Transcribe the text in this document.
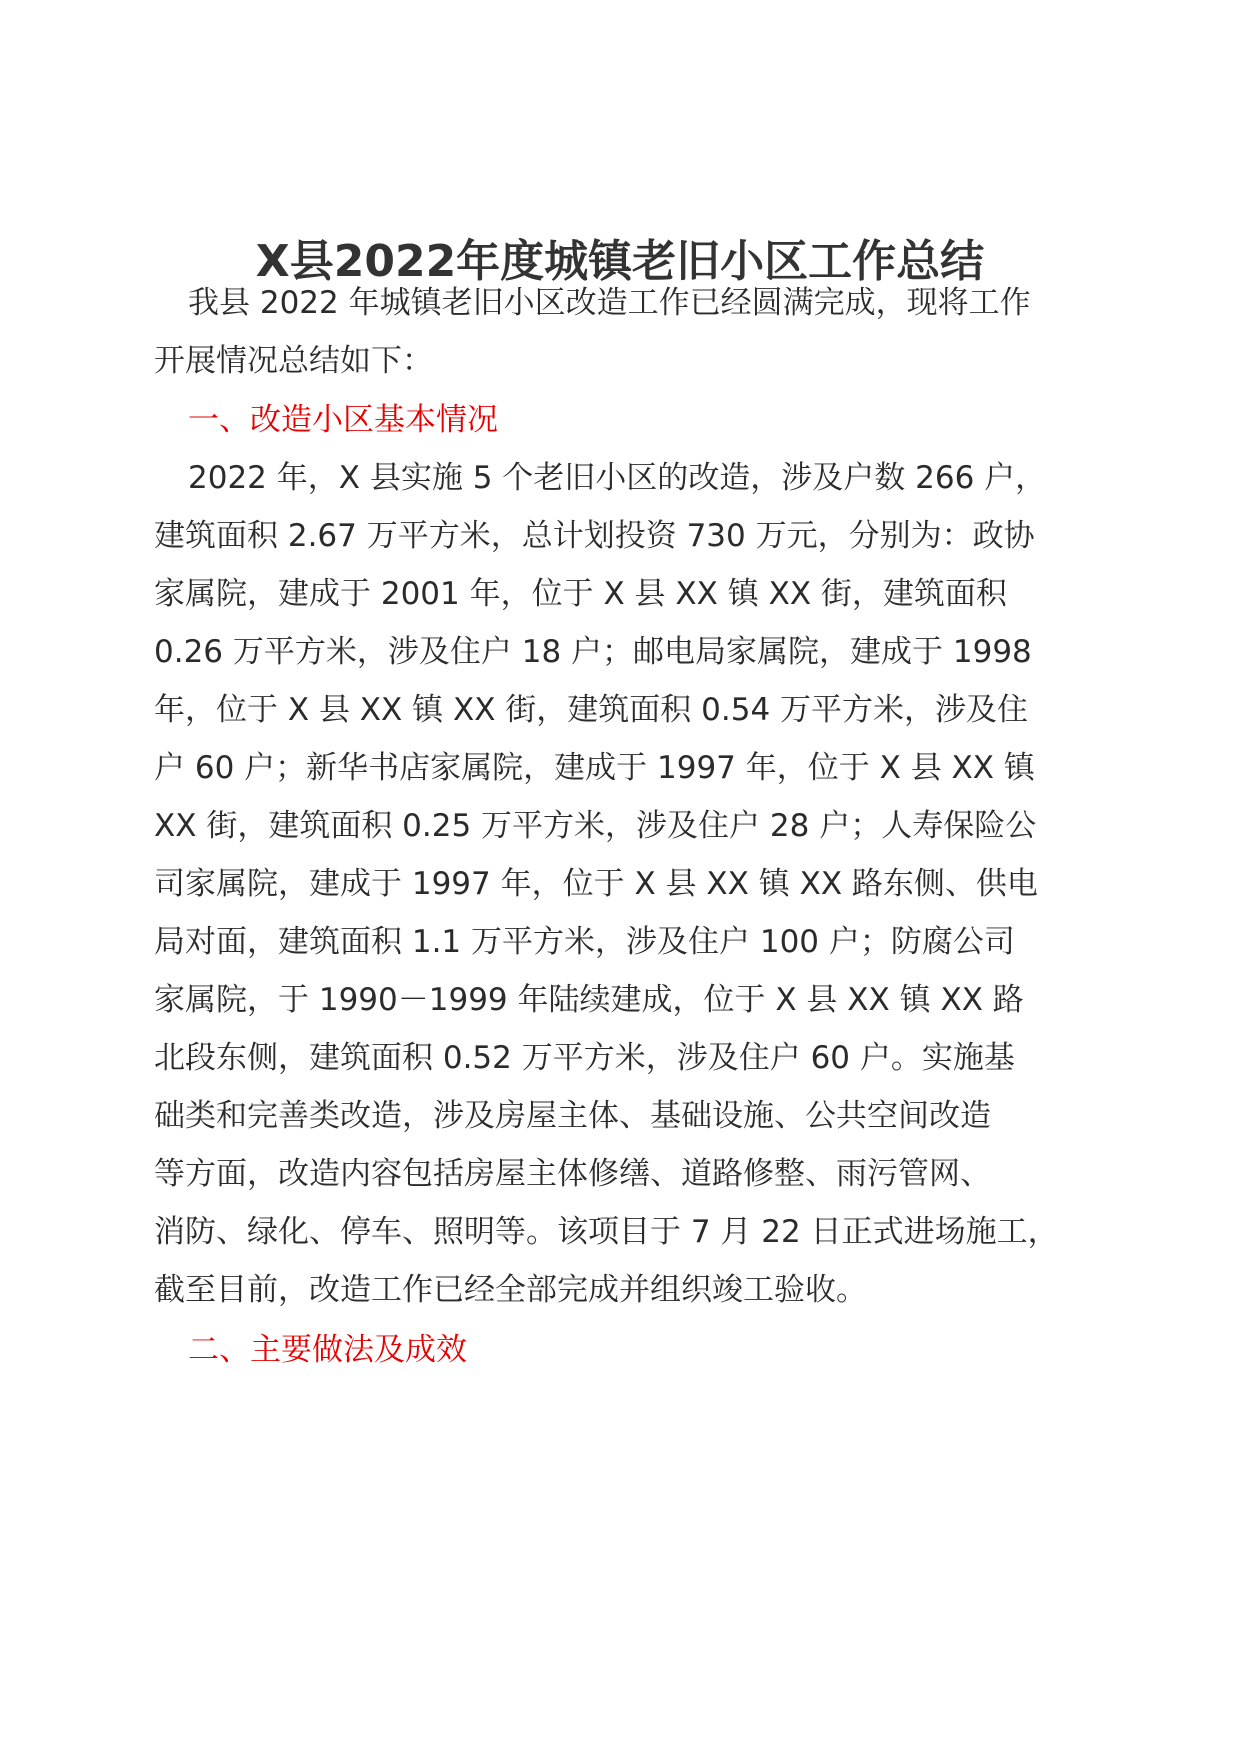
X县2022年度城镇老旧小区工作总结

我县 2022 年城镇老旧小区改造工作已经圆满完成，现将工作

开展情况总结如下：

一、改造小区基本情况

2022 年，X 县实施 5 个老旧小区的改造，涉及户数 266 户，

建筑面积 2.67 万平方米，总计划投资 730 万元，分别为：政协

家属院，建成于 2001 年，位于 X 县 XX 镇 XX 街，建筑面积

0.26 万平方米，涉及住户 18 户；邮电局家属院，建成于 1998

年，位于 X 县 XX 镇 XX 街，建筑面积 0.54 万平方米，涉及住

户 60 户；新华书店家属院，建成于 1997 年，位于 X 县 XX 镇

XX 街，建筑面积 0.25 万平方米，涉及住户 28 户；人寿保险公

司家属院，建成于 1997 年，位于 X 县 XX 镇 XX 路东侧、供电

局对面，建筑面积 1.1 万平方米，涉及住户 100 户；防腐公司

家属院，于 1990－1999 年陆续建成，位于 X 县 XX 镇 XX 路

北段东侧，建筑面积 0.52 万平方米，涉及住户 60 户。实施基

础类和完善类改造，涉及房屋主体、基础设施、公共空间改造

等方面，改造内容包括房屋主体修缮、道路修整、雨污管网、

消防、绿化、停车、照明等。该项目于 7 月 22 日正式进场施工，

截至目前，改造工作已经全部完成并组织竣工验收。

二、主要做法及成效
